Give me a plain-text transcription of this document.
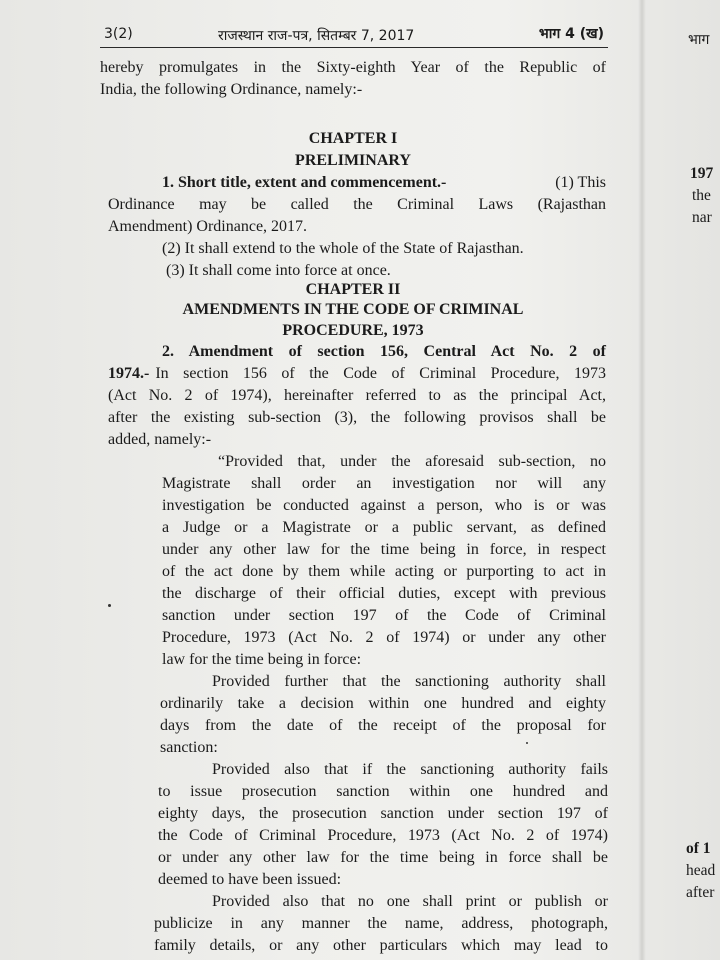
3(2)	राजस्थान राज-पत्र, सितम्बर 7, 2017	भाग 4 (ख)	भाग
197
the
nar
of 1
head
after
hereby promulgates in the Sixty-eighth Year of the Republic of
India, the following Ordinance, namely:-
CHAPTER I
PRELIMINARY
1. Short title, extent and commencement.-	(1) This
Ordinance may be called the Criminal Laws (Rajasthan
Amendment) Ordinance, 2017.
(2) It shall extend to the whole of the State of Rajasthan.
(3) It shall come into force at once.
CHAPTER II
AMENDMENTS IN THE CODE OF CRIMINAL
PROCEDURE, 1973
2. Amendment of section 156, Central Act No. 2 of
1974.- In section 156 of the Code of Criminal Procedure, 1973
(Act No. 2 of 1974), hereinafter referred to as the principal Act,
after the existing sub-section (3), the following provisos shall be
added, namely:-
“Provided that, under the aforesaid sub-section, no
Magistrate shall order an investigation nor will any
investigation be conducted against a person, who is or was
a Judge or a Magistrate or a public servant, as defined
under any other law for the time being in force, in respect
of the act done by them while acting or purporting to act in
the discharge of their official duties, except with previous
sanction under section 197 of the Code of Criminal
Procedure, 1973 (Act No. 2 of 1974) or under any other
law for the time being in force:
Provided further that the sanctioning authority shall
ordinarily take a decision within one hundred and eighty
days from the date of the receipt of the proposal for
sanction:
Provided also that if the sanctioning authority fails
to issue prosecution sanction within one hundred and
eighty days, the prosecution sanction under section 197 of
the Code of Criminal Procedure, 1973 (Act No. 2 of 1974)
or under any other law for the time being in force shall be
deemed to have been issued:
Provided also that no one shall print or publish or
publicize in any manner the name, address, photograph,
family details, or any other particulars which may lead to
